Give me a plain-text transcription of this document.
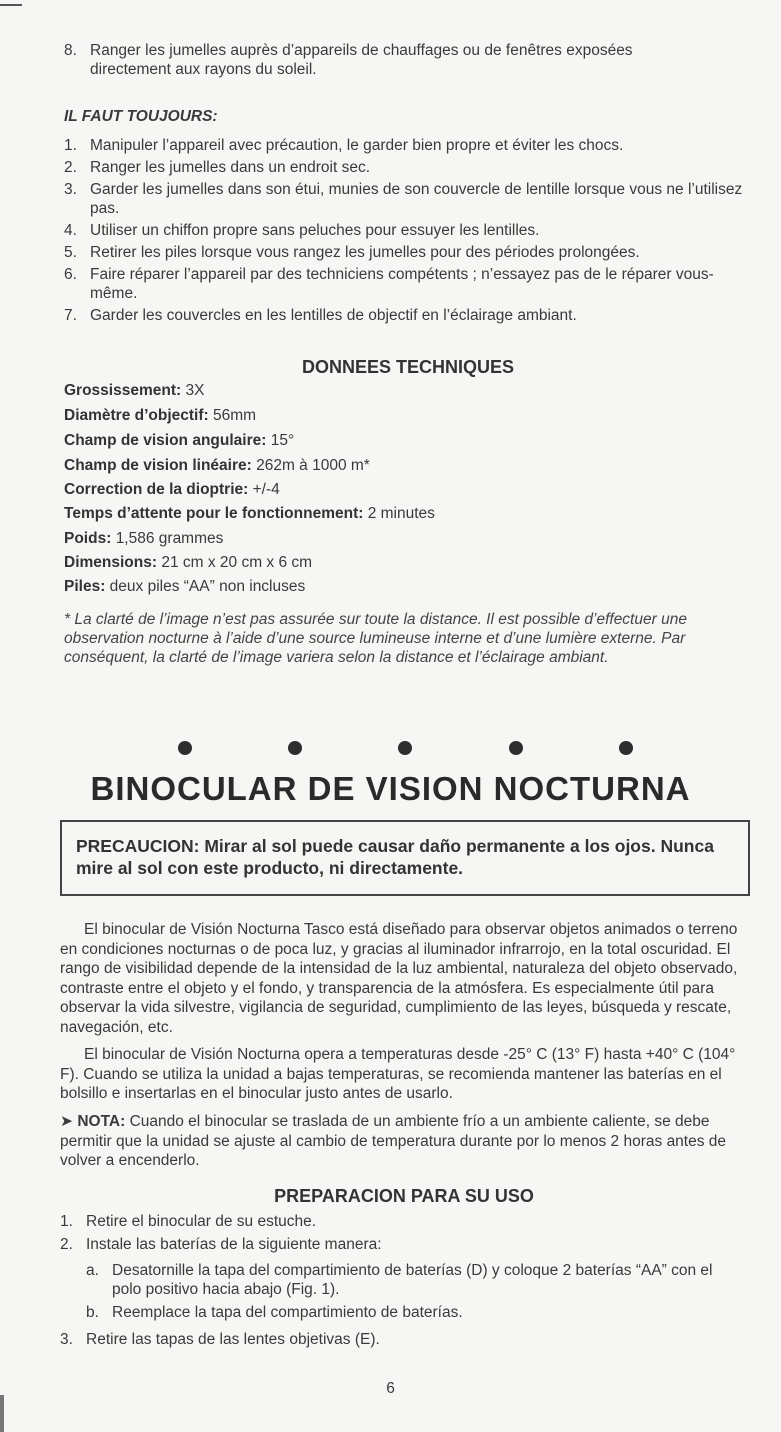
8. Ranger les jumelles auprès d’appareils de chauffages ou de fenêtres exposées directement aux rayons du soleil.
IL FAUT TOUJOURS:
1. Manipuler l’appareil avec précaution, le garder bien propre et éviter les chocs.
2. Ranger les jumelles dans un endroit sec.
3. Garder les jumelles dans son étui, munies de son couvercle de lentille lorsque vous ne l’utilisez pas.
4. Utiliser un chiffon propre sans peluches pour essuyer les lentilles.
5. Retirer les piles lorsque vous rangez les jumelles pour des périodes prolongées.
6. Faire réparer l’appareil par des techniciens compétents ; n’essayez pas de le réparer vous-même.
7. Garder les couvercles en les lentilles de objectif en l’éclairage ambiant.
DONNEES TECHNIQUES
Grossissement: 3X
Diamètre d’objectif: 56mm
Champ de vision angulaire: 15°
Champ de vision linéaire: 262m à 1000 m*
Correction de la dioptrie: +/-4
Temps d’attente pour le fonctionnement: 2 minutes
Poids: 1,586 grammes
Dimensions: 21 cm x 20 cm x 6 cm
Piles: deux piles “AA” non incluses
* La clarté de l’image n’est pas assurée sur toute la distance. Il est possible d’effectuer une observation nocturne à l’aide d’une source lumineuse interne et d’une lumière externe. Par conséquent, la clarté de l’image variera selon la distance et l’éclairage ambiant.
BINOCULAR DE VISION NOCTURNA
PRECAUCION: Mirar al sol puede causar daño permanente a los ojos. Nunca mire al sol con este producto, ni directamente.
El binocular de Visión Nocturna Tasco está diseñado para observar objetos animados o terreno en condiciones nocturnas o de poca luz, y gracias al iluminador infrarrojo, en la total oscuridad. El rango de visibilidad depende de la intensidad de la luz ambiental, naturaleza del objeto observado, contraste entre el objeto y el fondo, y transparencia de la atmósfera. Es especialmente útil para observar la vida silvestre, vigilancia de seguridad, cumplimiento de las leyes, búsqueda y rescate, navegación, etc.
El binocular de Visión Nocturna opera a temperaturas desde -25° C (13° F) hasta +40° C (104° F). Cuando se utiliza la unidad a bajas temperaturas, se recomienda mantener las baterías en el bolsillo e insertarlas en el binocular justo antes de usarlo.
➤ NOTA: Cuando el binocular se traslada de un ambiente frío a un ambiente caliente, se debe permitir que la unidad se ajuste al cambio de temperatura durante por lo menos 2 horas antes de volver a encenderlo.
PREPARACION PARA SU USO
1. Retire el binocular de su estuche.
2. Instale las baterías de la siguiente manera:
a. Desatornille la tapa del compartimiento de baterías (D) y coloque 2 baterías “AA” con el polo positivo hacia abajo (Fig. 1).
b. Reemplace la tapa del compartimiento de baterías.
3. Retire las tapas de las lentes objetivas (E).
6
